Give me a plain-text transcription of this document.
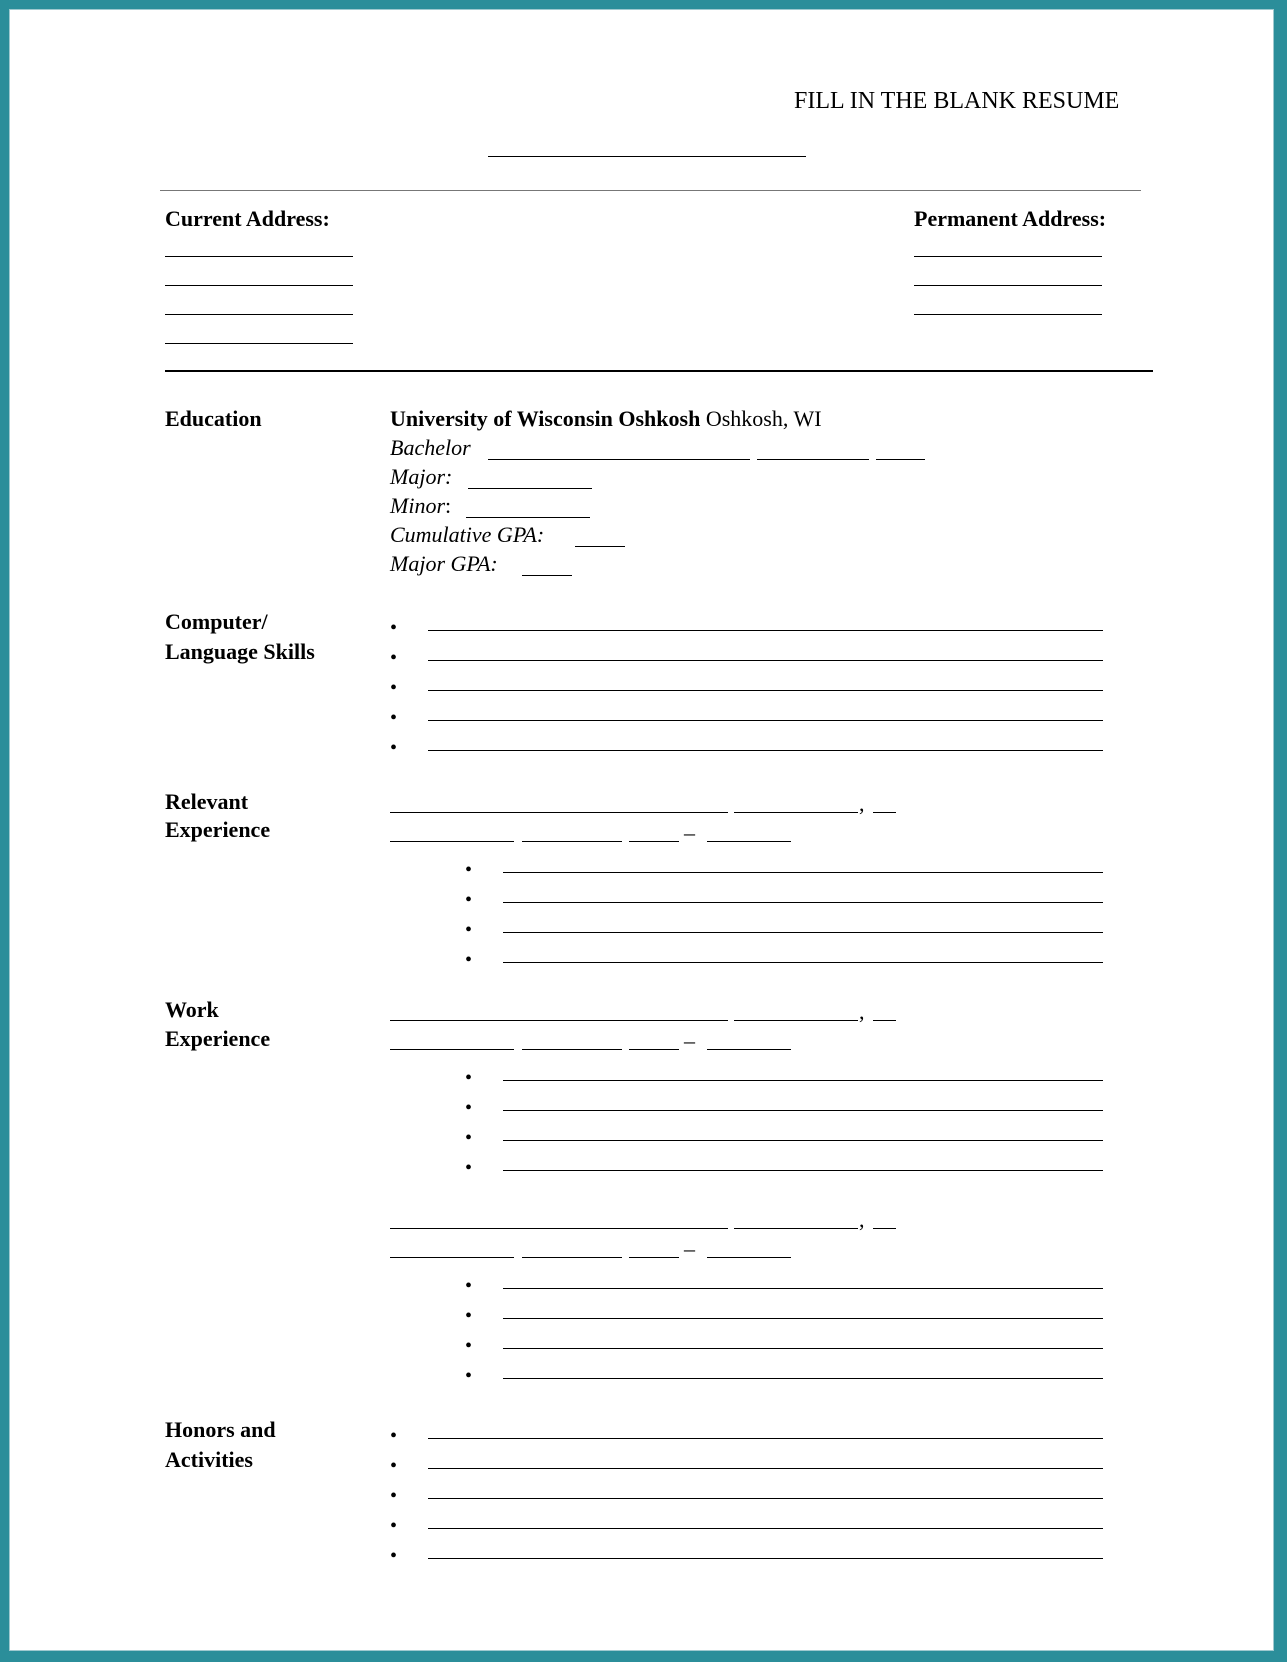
FILL IN THE BLANK RESUME
Current Address:	Permanent Address:
Education	University of Wisconsin Oshkosh Oshkosh, WI
Bachelor
Major:
Minor:
Cumulative GPA:
Major GPA:
Computer/
Language Skills
•
•
•
•
•
Relevant
Experience
,
–
•
•
•
•
Work
Experience
,
–
•
•
•
•
,
–
•
•
•
•
Honors and
Activities
•
•
•
•
•
